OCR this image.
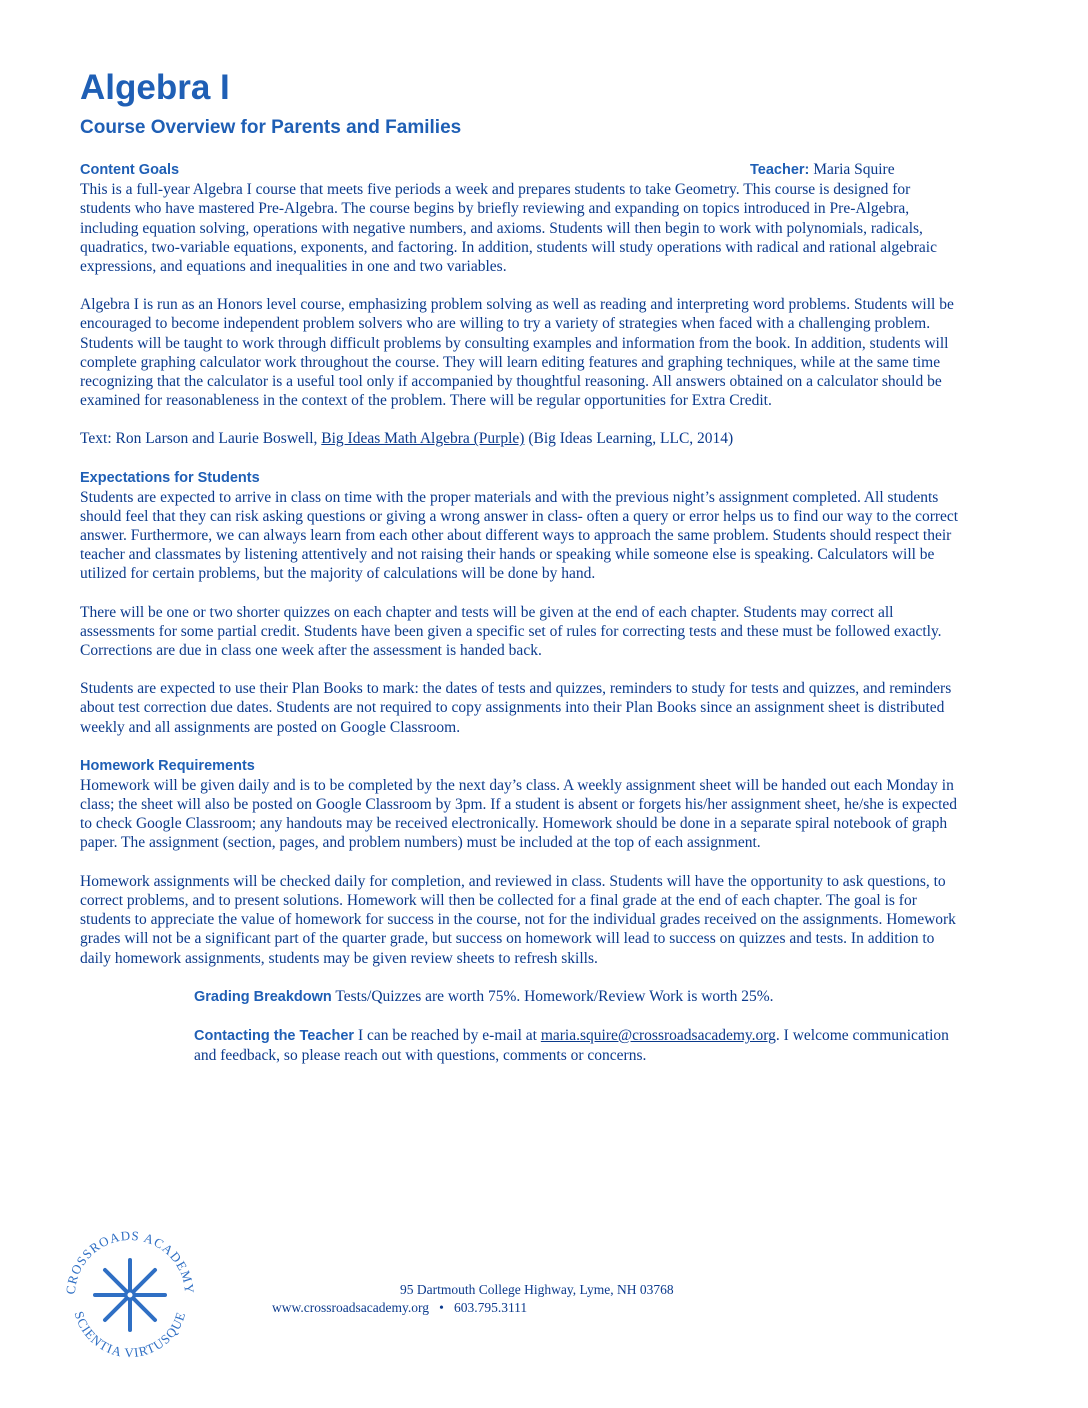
Algebra I
Course Overview for Parents and Families
Content Goals	Teacher: Maria Squire

This is a full-year Algebra I course that meets five periods a week and prepares students to take Geometry. This course is designed for students who have mastered Pre-Algebra. The course begins by briefly reviewing and expanding on topics introduced in Pre-Algebra, including equation solving, operations with negative numbers, and axioms. Students will then begin to work with polynomials, radicals, quadratics, two-variable equations, exponents, and factoring. In addition, students will study operations with radical and rational algebraic expressions, and equations and inequalities in one and two variables.

Algebra I is run as an Honors level course, emphasizing problem solving as well as reading and interpreting word problems. Students will be encouraged to become independent problem solvers who are willing to try a variety of strategies when faced with a challenging problem. Students will be taught to work through difficult problems by consulting examples and information from the book. In addition, students will complete graphing calculator work throughout the course. They will learn editing features and graphing techniques, while at the same time recognizing that the calculator is a useful tool only if accompanied by thoughtful reasoning. All answers obtained on a calculator should be examined for reasonableness in the context of the problem. There will be regular opportunities for Extra Credit.

Text: Ron Larson and Laurie Boswell, Big Ideas Math Algebra (Purple) (Big Ideas Learning, LLC, 2014)

Expectations for Students

Students are expected to arrive in class on time with the proper materials and with the previous night’s assignment completed. All students should feel that they can risk asking questions or giving a wrong answer in class- often a query or error helps us to find our way to the correct answer. Furthermore, we can always learn from each other about different ways to approach the same problem. Students should respect their teacher and classmates by listening attentively and not raising their hands or speaking while someone else is speaking. Calculators will be utilized for certain problems, but the majority of calculations will be done by hand.

There will be one or two shorter quizzes on each chapter and tests will be given at the end of each chapter. Students may correct all assessments for some partial credit. Students have been given a specific set of rules for correcting tests and these must be followed exactly. Corrections are due in class one week after the assessment is handed back.

Students are expected to use their Plan Books to mark: the dates of tests and quizzes, reminders to study for tests and quizzes, and reminders about test correction due dates. Students are not required to copy assignments into their Plan Books since an assignment sheet is distributed weekly and all assignments are posted on Google Classroom.

Homework Requirements

Homework will be given daily and is to be completed by the next day’s class. A weekly assignment sheet will be handed out each Monday in class; the sheet will also be posted on Google Classroom by 3pm. If a student is absent or forgets his/her assignment sheet, he/she is expected to check Google Classroom; any handouts may be received electronically. Homework should be done in a separate spiral notebook of graph paper. The assignment (section, pages, and problem numbers) must be included at the top of each assignment.

Homework assignments will be checked daily for completion, and reviewed in class. Students will have the opportunity to ask questions, to correct problems, and to present solutions. Homework will then be collected for a final grade at the end of each chapter. The goal is for students to appreciate the value of homework for success in the course, not for the individual grades received on the assignments. Homework grades will not be a significant part of the quarter grade, but success on homework will lead to success on quizzes and tests. In addition to daily homework assignments, students may be given review sheets to refresh skills.

Grading Breakdown Tests/Quizzes are worth 75%. Homework/Review Work is worth 25%.

Contacting the Teacher I can be reached by e-mail at maria.squire@crossroadsacademy.org. I welcome communication and feedback, so please reach out with questions, comments or concerns.

95 Dartmouth College Highway, Lyme, NH 03768
www.crossroadsacademy.org • 603.795.3111
CROSSROADS ACADEMY
SCIENTIA VIRTUSQUE
